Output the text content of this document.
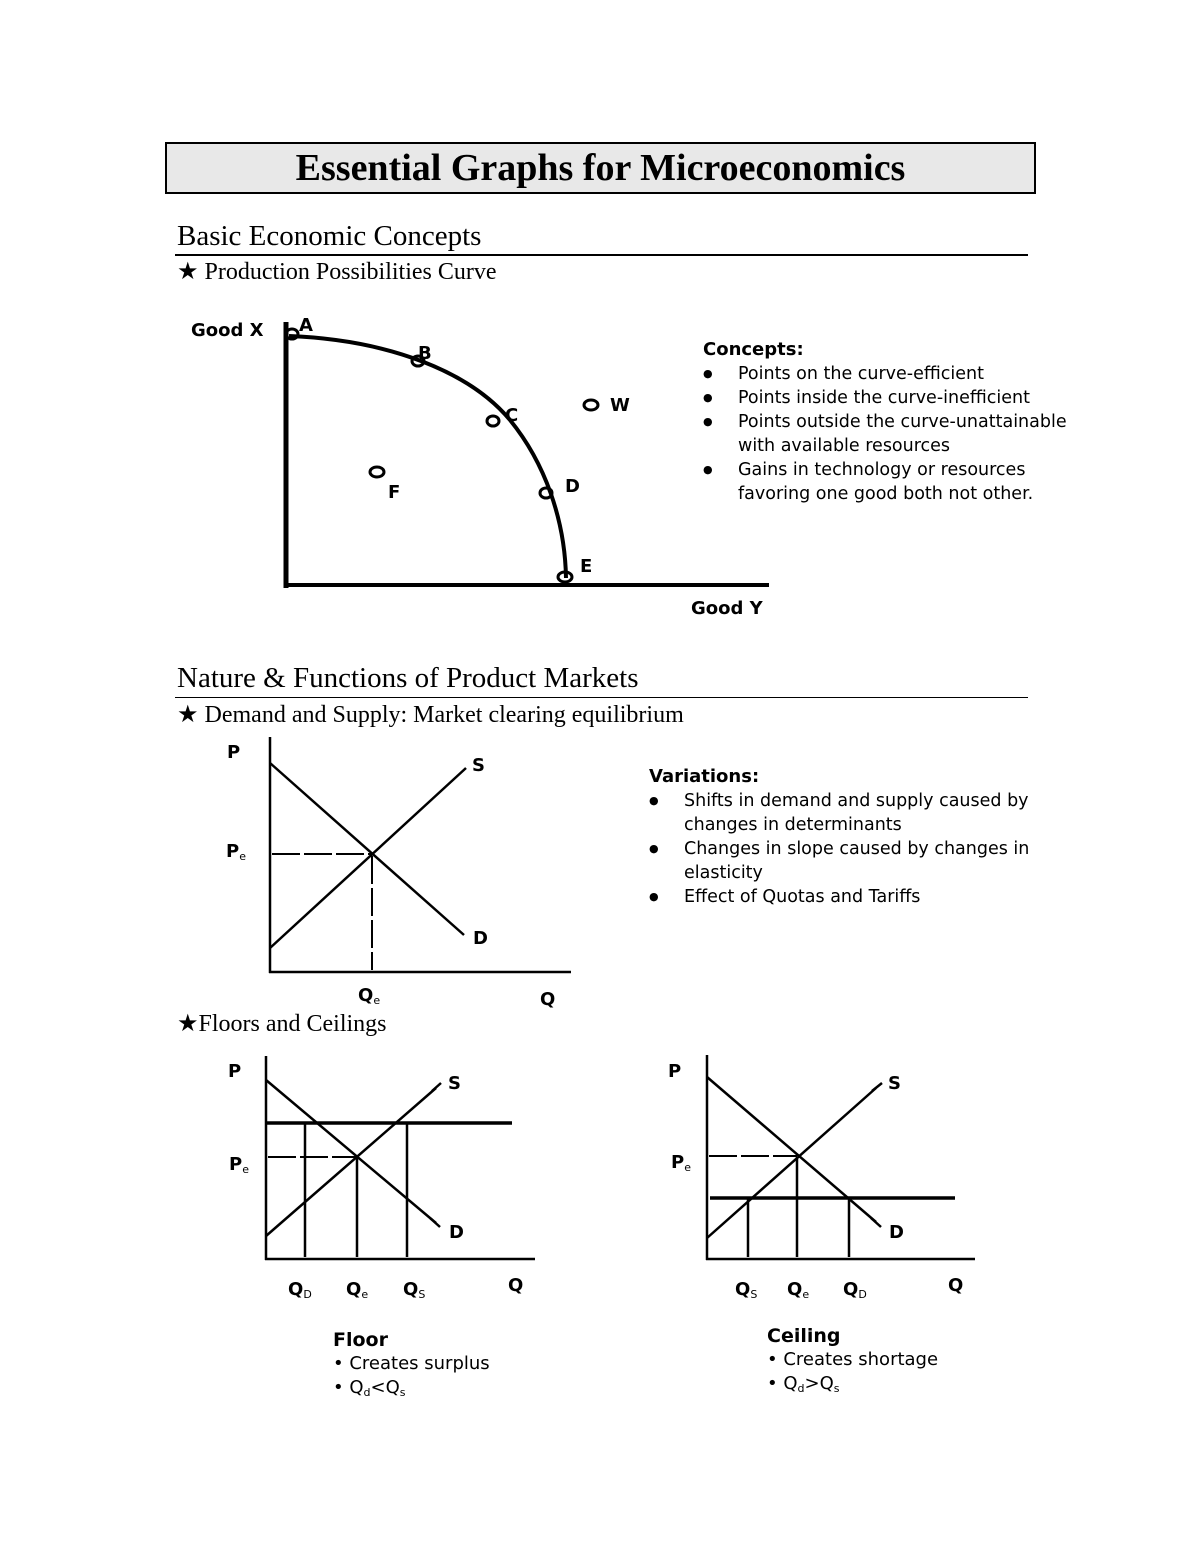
Essential Graphs for Microeconomics
Basic Economic Concepts
★ Production Possibilities Curve
Good X
Good Y
A
B
C
D
E
F
W
Concepts:
● Points on the curve-efficient
● Points inside the curve-inefficient
● Points outside the curve-unattainable with available resources
● Gains in technology or resources favoring one good both not other.
Nature & Functions of Product Markets
★ Demand and Supply: Market clearing equilibrium
P
$P_e$
S
D
$Q_e$	Q
Variations:
● Shifts in demand and supply caused by changes in determinants
● Changes in slope caused by changes in elasticity
● Effect of Quotas and Tariffs
★Floors and Ceilings
P
$P_e$
S
D
$Q_D$ $Q_e$ $Q_S$	Q
P
$P_e$
S
D
$Q_S$ $Q_e$ $Q_D$	Q
Floor
• Creates surplus
• $Q_d<Q_s$
Ceiling
• Creates shortage
• $Q_d>Q_s$
